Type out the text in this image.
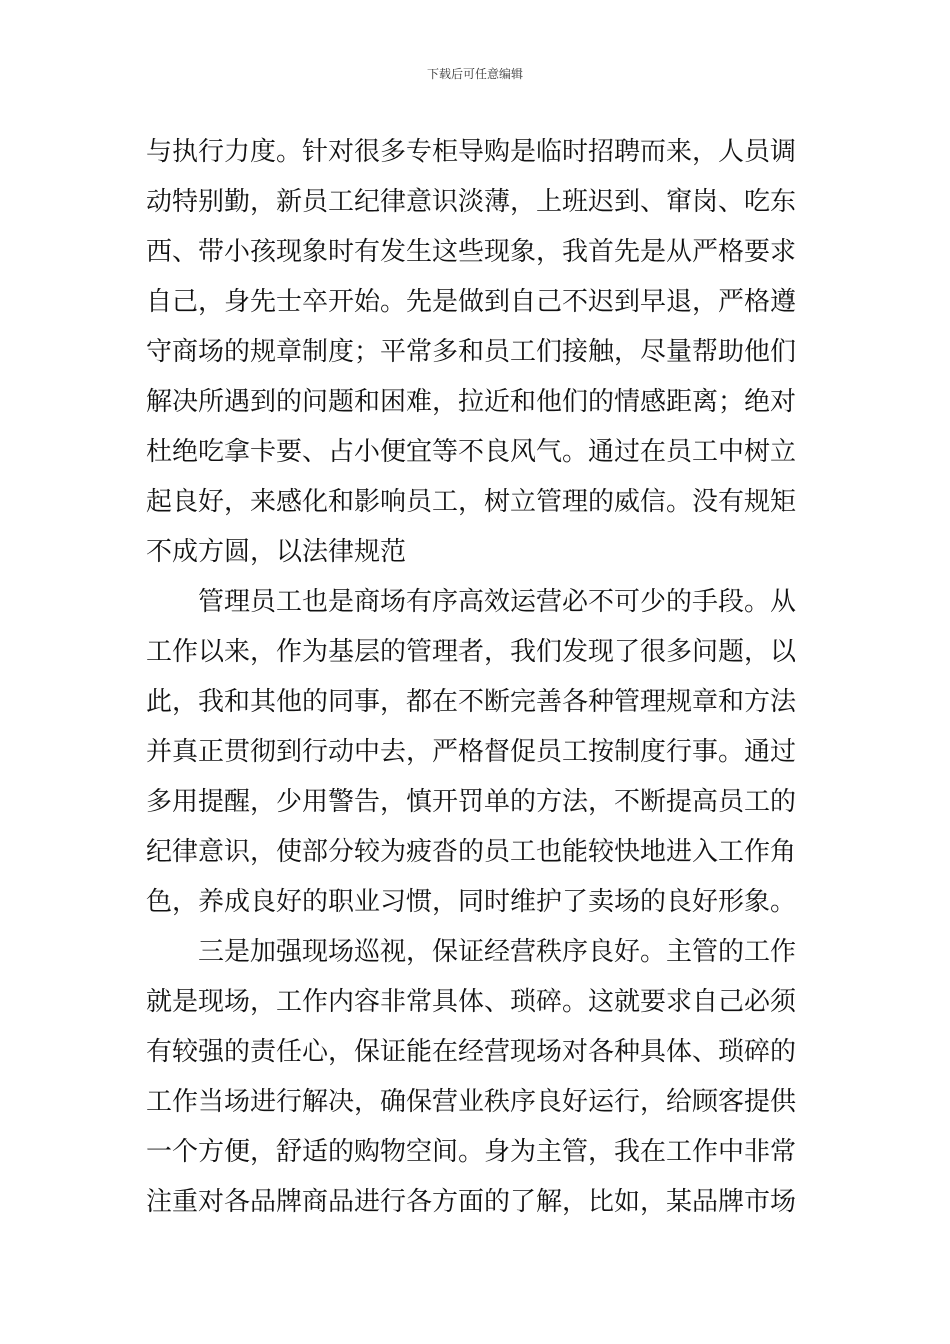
下载后可任意编辑
与执行力度。针对很多专柜导购是临时招聘而来，人员调
动特别勤，新员工纪律意识淡薄，上班迟到、窜岗、吃东
西、带小孩现象时有发生这些现象，我首先是从严格要求
自己，身先士卒开始。先是做到自己不迟到早退，严格遵
守商场的规章制度；平常多和员工们接触，尽量帮助他们
解决所遇到的问题和困难，拉近和他们的情感距离；绝对
杜绝吃拿卡要、占小便宜等不良风气。通过在员工中树立
起良好，来感化和影响员工，树立管理的威信。没有规矩
不成方圆，以法律规范
管理员工也是商场有序高效运营必不可少的手段。从
工作以来，作为基层的管理者，我们发现了很多问题，以
此，我和其他的同事，都在不断完善各种管理规章和方法
并真正贯彻到行动中去，严格督促员工按制度行事。通过
多用提醒，少用警告，慎开罚单的方法，不断提高员工的
纪律意识，使部分较为疲沓的员工也能较快地进入工作角
色，养成良好的职业习惯，同时维护了卖场的良好形象。
三是加强现场巡视，保证经营秩序良好。主管的工作
就是现场，工作内容非常具体、琐碎。这就要求自己必须
有较强的责任心，保证能在经营现场对各种具体、琐碎的
工作当场进行解决，确保营业秩序良好运行，给顾客提供
一个方便，舒适的购物空间。身为主管，我在工作中非常
注重对各品牌商品进行各方面的了解，比如，某品牌市场
